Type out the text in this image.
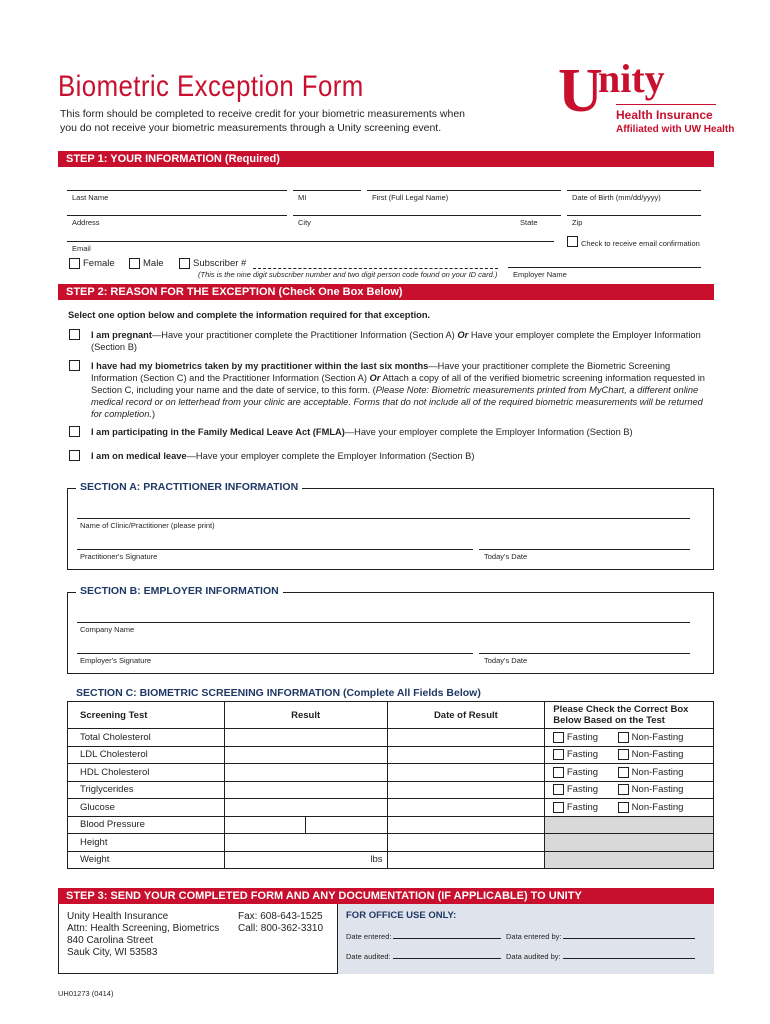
Biometric Exception Form
This form should be completed to receive credit for your biometric measurements when you do not receive your biometric measurements through a Unity screening event.
U
nity
Health Insurance
Affiliated with UW Health
STEP 1: YOUR INFORMATION (Required)
Last Name	MI	First (Full Legal Name)	Date of Birth (mm/dd/yyyy)
Address	City	State	Zip
Email
Check to receive email confirmation
Female	Male	Subscriber #
(This is the nine digit subscriber number and two digit person code found on your ID card.) Employer Name
STEP 2: REASON FOR THE EXCEPTION (Check One Box Below)
Select one option below and complete the information required for that exception.
I am pregnant—Have your practitioner complete the Practitioner Information (Section A) Or Have your employer complete the Employer Information (Section B)
I have had my biometrics taken by my practitioner within the last six months—Have your practitioner complete the Biometric Screening Information (Section C) and the Practitioner Information (Section A) Or Attach a copy of all of the verified biometric screening information requested in Section C, including your name and the date of service, to this form. (Please Note: Biometric measurements printed from MyChart, a different online medical record or on letterhead from your clinic are acceptable. Forms that do not include all of the required biometric measurements will be returned for completion.)
I am participating in the Family Medical Leave Act (FMLA)—Have your employer complete the Employer Information (Section B)
I am on medical leave—Have your employer complete the Employer Information (Section B)
SECTION A: PRACTITIONER INFORMATION
Name of Clinic/Practitioner (please print)
Practitioner's Signature	Today's Date
SECTION B: EMPLOYER INFORMATION
Company Name
Employer's Signature	Today's Date
SECTION C: BIOMETRIC SCREENING INFORMATION (Complete All Fields Below)
Screening Test	Result		Date of Result	Please Check the Correct Box Below Based on the Test
Total Cholesterol				Fasting Non-Fasting
LDL Cholesterol				Fasting Non-Fasting
HDL Cholesterol				Fasting Non-Fasting
Triglycerides				Fasting Non-Fasting
Glucose				Fasting Non-Fasting
Blood Pressure				
Height				
Weight	lbs			
STEP 3: SEND YOUR COMPLETED FORM AND ANY DOCUMENTATION (IF APPLICABLE) TO UNITY
Unity Health Insurance
Attn: Health Screening, Biometrics
840 Carolina Street
Sauk City, WI 53583
Fax: 608-643-1525
Call: 800-362-3310
FOR OFFICE USE ONLY:
Date entered:	Data entered by:
Date audited:	Data audited by:
UH01273 (0414)
